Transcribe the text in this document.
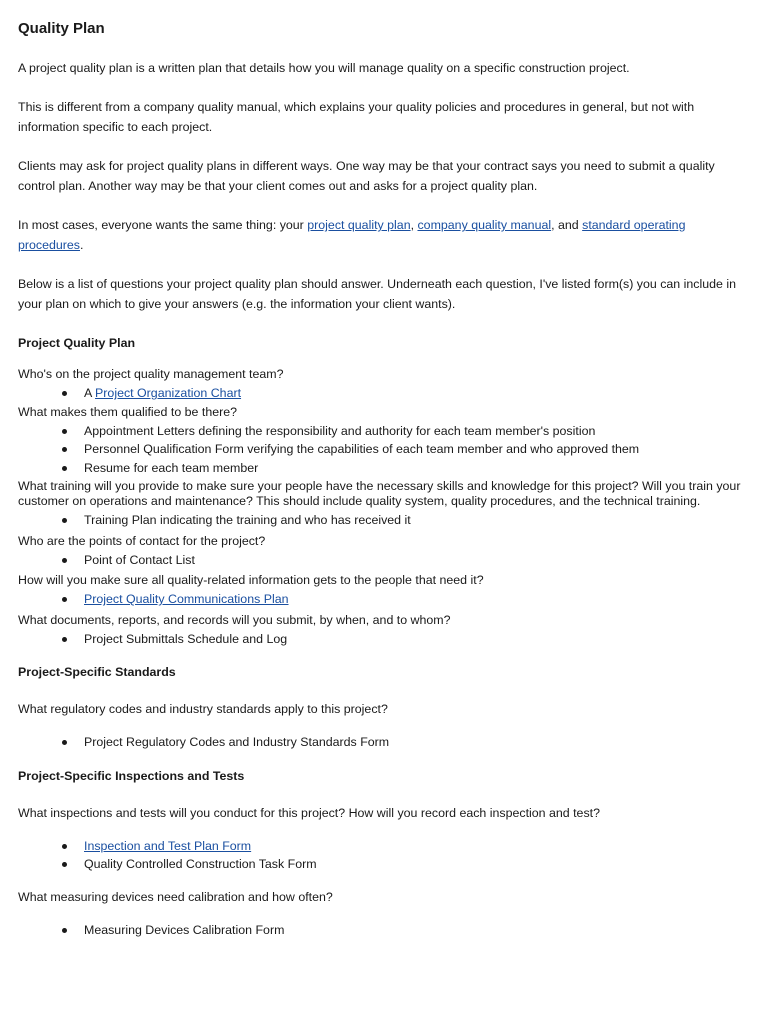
Quality Plan

A project quality plan is a written plan that details how you will manage quality on a specific construction project.

This is different from a company quality manual, which explains your quality policies and procedures in general, but not with information specific to each project.

Clients may ask for project quality plans in different ways. One way may be that your contract says you need to submit a quality control plan. Another way may be that your client comes out and asks for a project quality plan.

In most cases, everyone wants the same thing: your project quality plan, company quality manual, and standard operating procedures.

Below is a list of questions your project quality plan should answer. Underneath each question, I've listed form(s) you can include in your plan on which to give your answers (e.g. the information your client wants).

Project Quality Plan

Who's on the project quality management team?

A Project Organization Chart

What makes them qualified to be there?

Appointment Letters defining the responsibility and authority for each team member's position
Personnel Qualification Form verifying the capabilities of each team member and who approved them
Resume for each team member

What training will you provide to make sure your people have the necessary skills and knowledge for this project? Will you train your customer on operations and maintenance? This should include quality system, quality procedures, and the technical training.

Training Plan indicating the training and who has received it

Who are the points of contact for the project?

Point of Contact List

How will you make sure all quality-related information gets to the people that need it?

Project Quality Communications Plan

What documents, reports, and records will you submit, by when, and to whom?

Project Submittals Schedule and Log
Project-Specific Standards

What regulatory codes and industry standards apply to this project?

Project Regulatory Codes and Industry Standards Form
Project-Specific Inspections and Tests

What inspections and tests will you conduct for this project? How will you record each inspection and test?

Inspection and Test Plan Form
Quality Controlled Construction Task Form

What measuring devices need calibration and how often?

Measuring Devices Calibration Form
